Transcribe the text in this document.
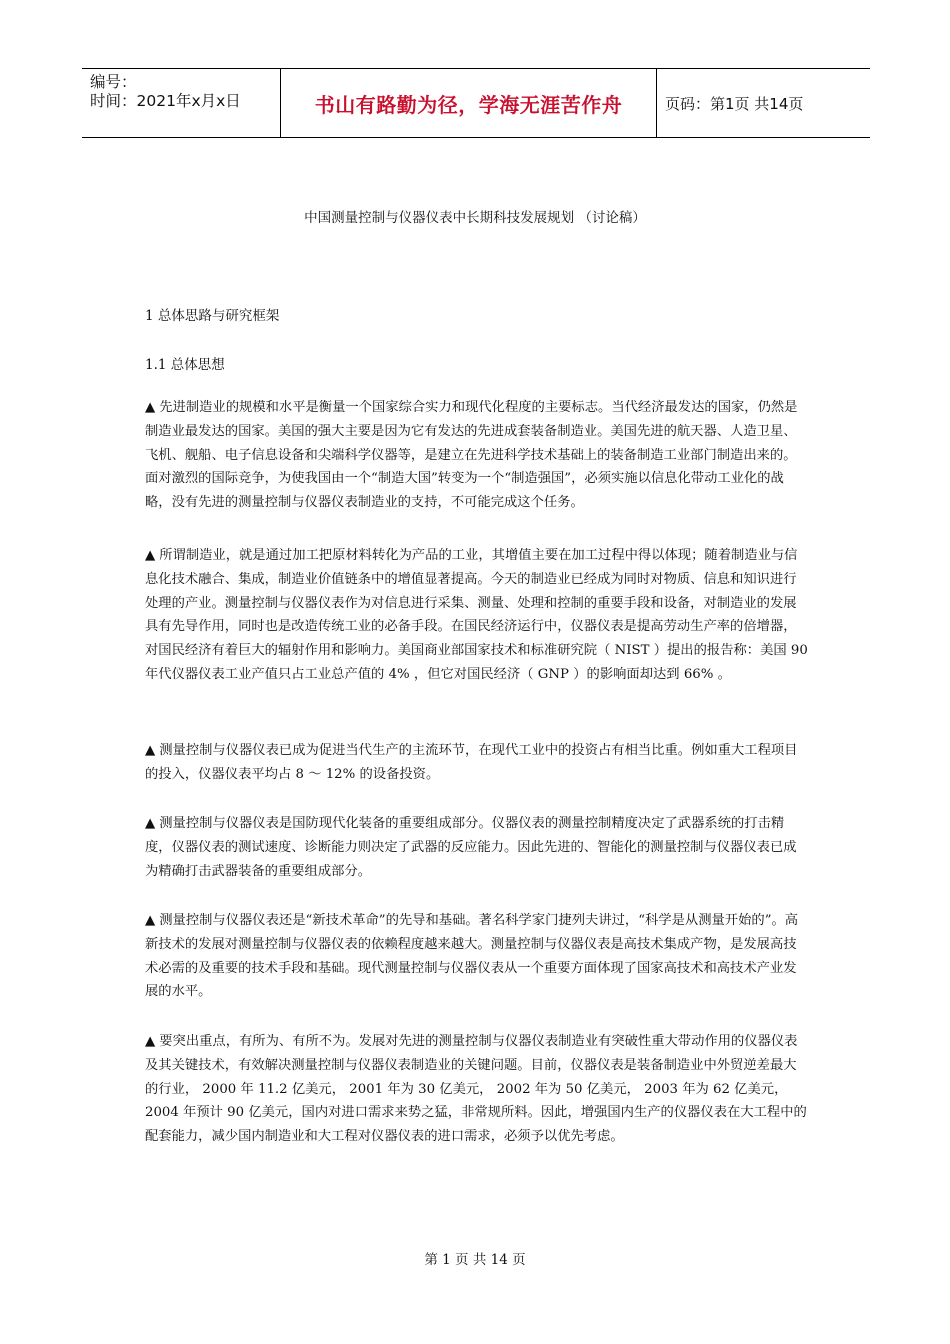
编号：
时间：2021年x月x日	书山有路勤为径，学海无涯苦作舟	页码：第1页 共14页
中国测量控制与仪器仪表中长期科技发展规划 （讨论稿）
1 总体思路与研究框架
1.1 总体思想
▲ 先进制造业的规模和水平是衡量一个国家综合实力和现代化程度的主要标志。当代经济最发达的国家，仍然是制造业最发达的国家。美国的强大主要是因为它有发达的先进成套装备制造业。美国先进的航天器、人造卫星、飞机、舰船、电子信息设备和尖端科学仪器等，是建立在先进科学技术基础上的装备制造工业部门制造出来的。面对激烈的国际竞争，为使我国由一个“制造大国”转变为一个“制造强国”，必须实施以信息化带动工业化的战略，没有先进的测量控制与仪器仪表制造业的支持，不可能完成这个任务。
▲ 所谓制造业，就是通过加工把原材料转化为产品的工业，其增值主要在加工过程中得以体现；随着制造业与信息化技术融合、集成，制造业价值链条中的增值显著提高。今天的制造业已经成为同时对物质、信息和知识进行处理的产业。测量控制与仪器仪表作为对信息进行采集、测量、处理和控制的重要手段和设备，对制造业的发展具有先导作用，同时也是改造传统工业的必备手段。在国民经济运行中，仪器仪表是提高劳动生产率的倍增器，对国民经济有着巨大的辐射作用和影响力。美国商业部国家技术和标准研究院（ NIST ）提出的报告称：美国 90 年代仪器仪表工业产值只占工业总产值的 4% ，但它对国民经济（ GNP ）的影响面却达到 66% 。
▲ 测量控制与仪器仪表已成为促进当代生产的主流环节，在现代工业中的投资占有相当比重。例如重大工程项目的投入，仪器仪表平均占 8 ～ 12% 的设备投资。
▲ 测量控制与仪器仪表是国防现代化装备的重要组成部分。仪器仪表的测量控制精度决定了武器系统的打击精度，仪器仪表的测试速度、诊断能力则决定了武器的反应能力。因此先进的、智能化的测量控制与仪器仪表已成为精确打击武器装备的重要组成部分。
▲ 测量控制与仪器仪表还是“新技术革命”的先导和基础。著名科学家门捷列夫讲过，“科学是从测量开始的”。高新技术的发展对测量控制与仪器仪表的依赖程度越来越大。测量控制与仪器仪表是高技术集成产物，是发展高技术必需的及重要的技术手段和基础。现代测量控制与仪器仪表从一个重要方面体现了国家高技术和高技术产业发展的水平。
▲ 要突出重点，有所为、有所不为。发展对先进的测量控制与仪器仪表制造业有突破性重大带动作用的仪器仪表及其关键技术，有效解决测量控制与仪器仪表制造业的关键问题。目前，仪器仪表是装备制造业中外贸逆差最大的行业， 2000 年 11.2 亿美元， 2001 年为 30 亿美元， 2002 年为 50 亿美元， 2003 年为 62 亿美元， 2004 年预计 90 亿美元，国内对进口需求来势之猛，非常规所料。因此，增强国内生产的仪器仪表在大工程中的配套能力，减少国内制造业和大工程对仪器仪表的进口需求，必须予以优先考虑。
第 1 页 共 14 页
